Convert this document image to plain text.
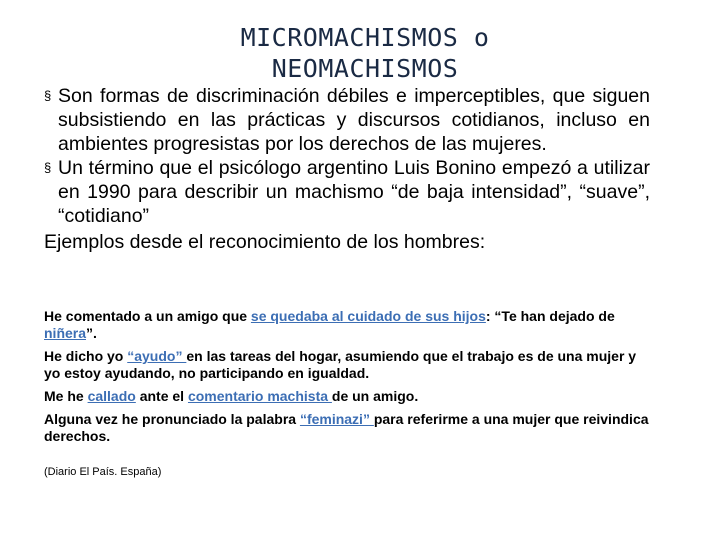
MICROMACHISMOS o NEOMACHISMOS
§ Son formas de discriminación débiles e imperceptibles, que siguen subsistiendo en las prácticas y discursos cotidianos, incluso en ambientes progresistas por los derechos de las mujeres.
§ Un término que el psicólogo argentino Luis Bonino empezó a utilizar en 1990 para describir un machismo “de baja intensidad”, “suave”, “cotidiano”
Ejemplos desde el reconocimiento de los hombres:
He comentado a un amigo que se quedaba al cuidado de sus hijos: “Te han dejado de niñera”.
He dicho yo “ayudo” en las tareas del hogar, asumiendo que el trabajo es de una mujer y yo estoy ayudando, no participando en igualdad.
Me he callado ante el comentario machista de un amigo.
Alguna vez he pronunciado la palabra “feminazi” para referirme a una mujer que reivindica derechos.
(Diario El País. España)
